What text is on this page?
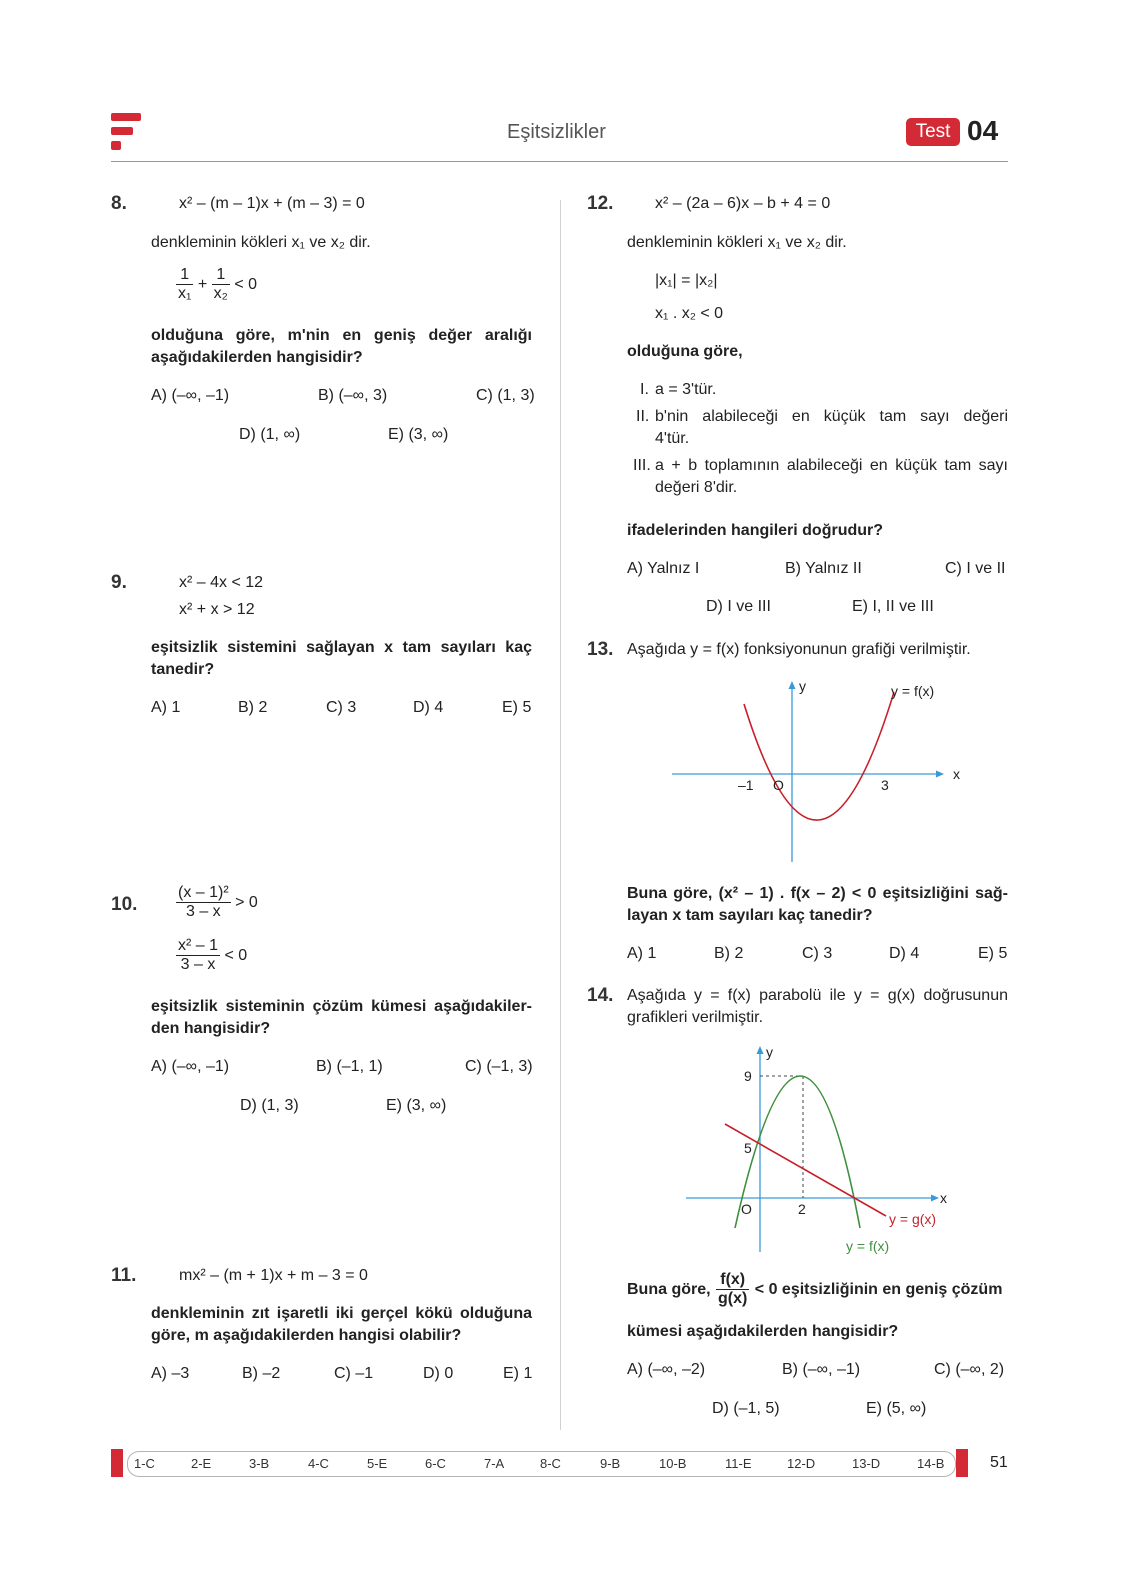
Eşitsizlikler	Test 04
8.	x² – (m – 1)x + (m – 3) = 0
denkleminin kökleri x₁ ve x₂ dir.
$\frac{1}{\text{x₁}} + \frac{1}{\text{x₂}} < 0$
olduğuna göre, m'nin en geniş değer aralığı
aşağıdakilerden hangisidir?
A) (–∞, –1)	B) (–∞, 3)	C) (1, 3)
D) (1, ∞)	E) (3, ∞)
9.	x² – 4x < 12
x² + x > 12
eşitsizlik sistemini sağlayan x tam sayıları kaç
tanedir?
A) 1	B) 2	C) 3	D) 4	E) 5
10. $\frac{\text{(x – 1)²}}{3 - x} > 0$
$\frac{\text{x² – 1}}{3 - x} < 0$
eşitsizlik sisteminin çözüm kümesi aşağıdakiler-
den hangisidir?
A) (–∞, –1)	B) (–1, 1)	C) (–1, 3)
D) (1, 3)	E) (3, ∞)
11.	mx² – (m + 1)x + m – 3 = 0
denkleminin zıt işaretli iki gerçel kökü olduğuna
göre, m aşağıdakilerden hangisi olabilir?
A) –3	B) –2	C) –1	D) 0	E) 1
12.	x² – (2a – 6)x – b + 4 = 0
denkleminin kökleri x₁ ve x₂ dir.
|x₁| = |x₂|
x₁ . x₂ < 0
olduğuna göre,
I. a = 3'tür.
II. b'nin alabileceği en küçük tam sayı değeri
4'tür.
III. a + b toplamının alabileceği en küçük tam sayı
değeri 8'dir.
ifadelerinden hangileri doğrudur?
A) Yalnız I	B) Yalnız II	C) I ve II
D) I ve III	E) I, II ve III
13. Aşağıda y = f(x) fonksiyonunun grafiği verilmiştir.
y
x
y = f(x)
–1 O	3
Buna göre, (x² – 1) . f(x – 2) < 0 eşitsizliğini sağ-
layan x tam sayıları kaç tanedir?
A) 1	B) 2	C) 3	D) 4	E) 5
14. Aşağıda y = f(x) parabolü ile y = g(x) doğrusunun
grafikleri verilmiştir.
y
x
9
5
2
O
y = g(x)
y = f(x)
Buna göre, $\frac{f(x)}{g(x)} < 0$ eşitsizliğinin en geniş çözüm
kümesi aşağıdakilerden hangisidir?
A) (–∞, –2)	B) (–∞, –1)	C) (–∞, 2)
D) (–1, 5)	E) (5, ∞)
1-C	2-E	3-B	4-C	5-E	6-C	7-A	8-C	9-B	10-B	11-E	12-D	13-D	14-B	51
